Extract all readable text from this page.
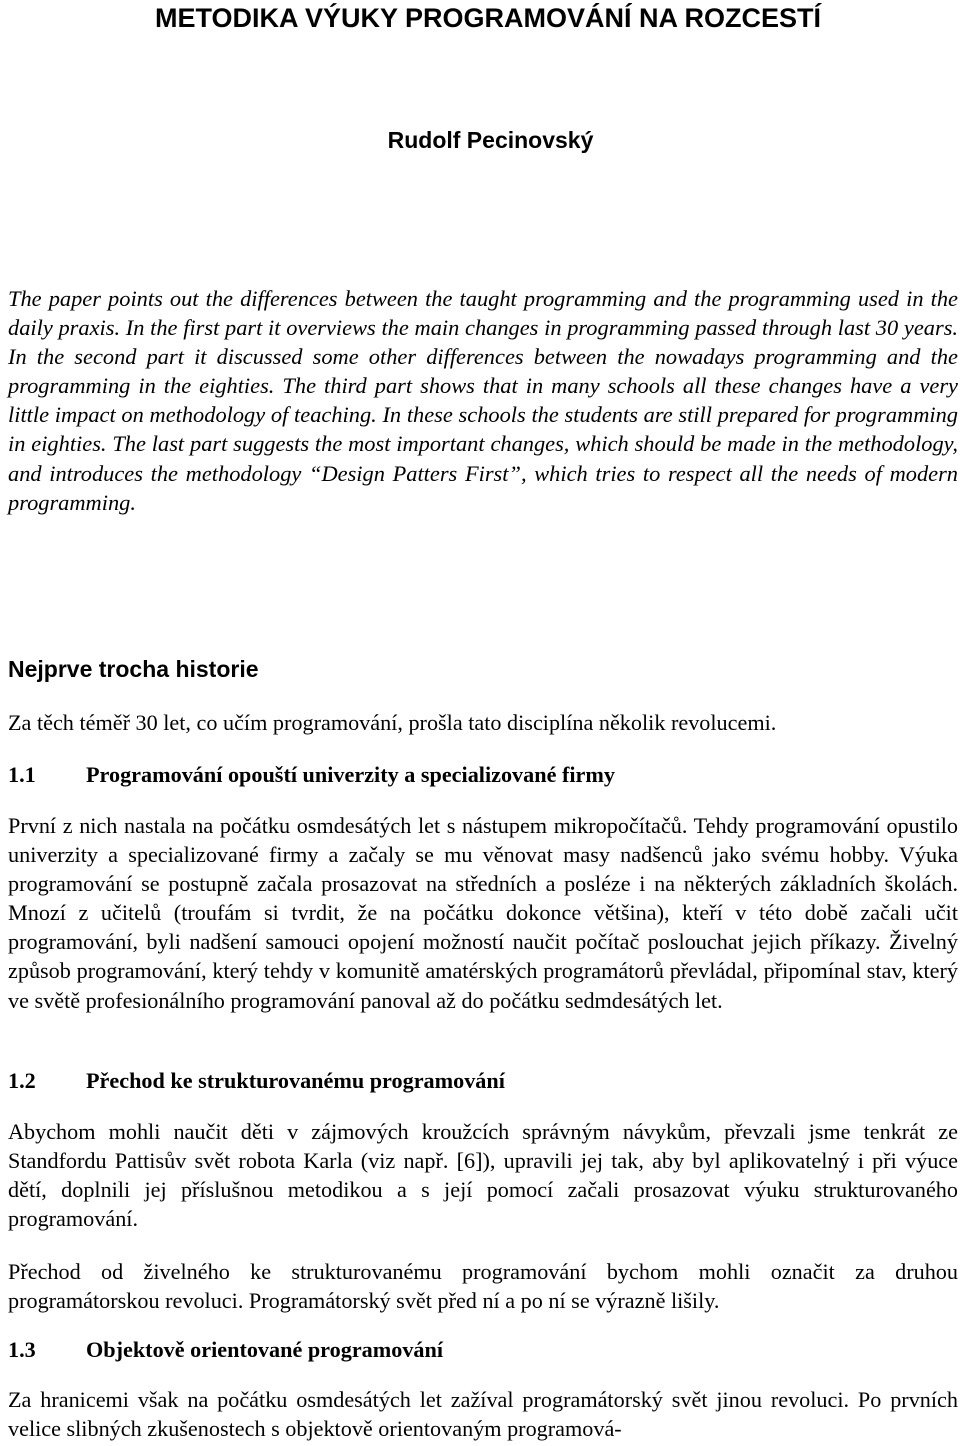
METODIKA VÝUKY PROGRAMOVÁNÍ NA ROZCESTÍ
Rudolf Pecinovský

The paper points out the differences between the taught programming and the programming used in the daily praxis. In the first part it overviews the main changes in programming passed through last 30 years. In the second part it discussed some other differences between the nowadays programming and the programming in the eighties. The third part shows that in many schools all these changes have a very little impact on methodology of teaching. In these schools the students are still prepared for programming in eighties. The last part suggests the most important changes, which should be made in the methodology, and introduces the methodology “Design Patters First”, which tries to respect all the needs of modern programming.

Nejprve trocha historie

Za těch téměř 30 let, co učím programování, prošla tato disciplína několik revolucemi.

1.1 Programování opouští univerzity a specializované firmy

První z nich nastala na počátku osmdesátých let s nástupem mikropočítačů. Tehdy programování opustilo univerzity a specializované firmy a začaly se mu věnovat masy nadšenců jako svému hobby. Výuka programování se postupně začala prosazovat na středních a posléze i na některých základních školách. Mnozí z učitelů (troufám si tvrdit, že na počátku dokonce většina), kteří v této době začali učit programování, byli nadšení samouci opojení možností naučit počítač poslouchat jejich příkazy. Živelný způsob programování, který tehdy v komunitě amatérských programátorů převládal, připomínal stav, který ve světě profesionálního programování panoval až do počátku sedmdesátých let.

1.2 Přechod ke strukturovanému programování

Abychom mohli naučit děti v zájmových kroužcích správným návykům, převzali jsme tenkrát ze Standfordu Pattisův svět robota Karla (viz např. [6]), upravili jej tak, aby byl aplikovatelný i při výuce dětí, doplnili jej příslušnou metodikou a s její pomocí začali prosazovat výuku strukturovaného programování.

Přechod od živelného ke strukturovanému programování bychom mohli označit za druhou programátorskou revoluci. Programátorský svět před ní a po ní se výrazně lišily.

1.3 Objektově orientované programování

Za hranicemi však na počátku osmdesátých let zažíval programátorský svět jinou revoluci. Po prvních velice slibných zkušenostech s objektově orientovaným programová-
